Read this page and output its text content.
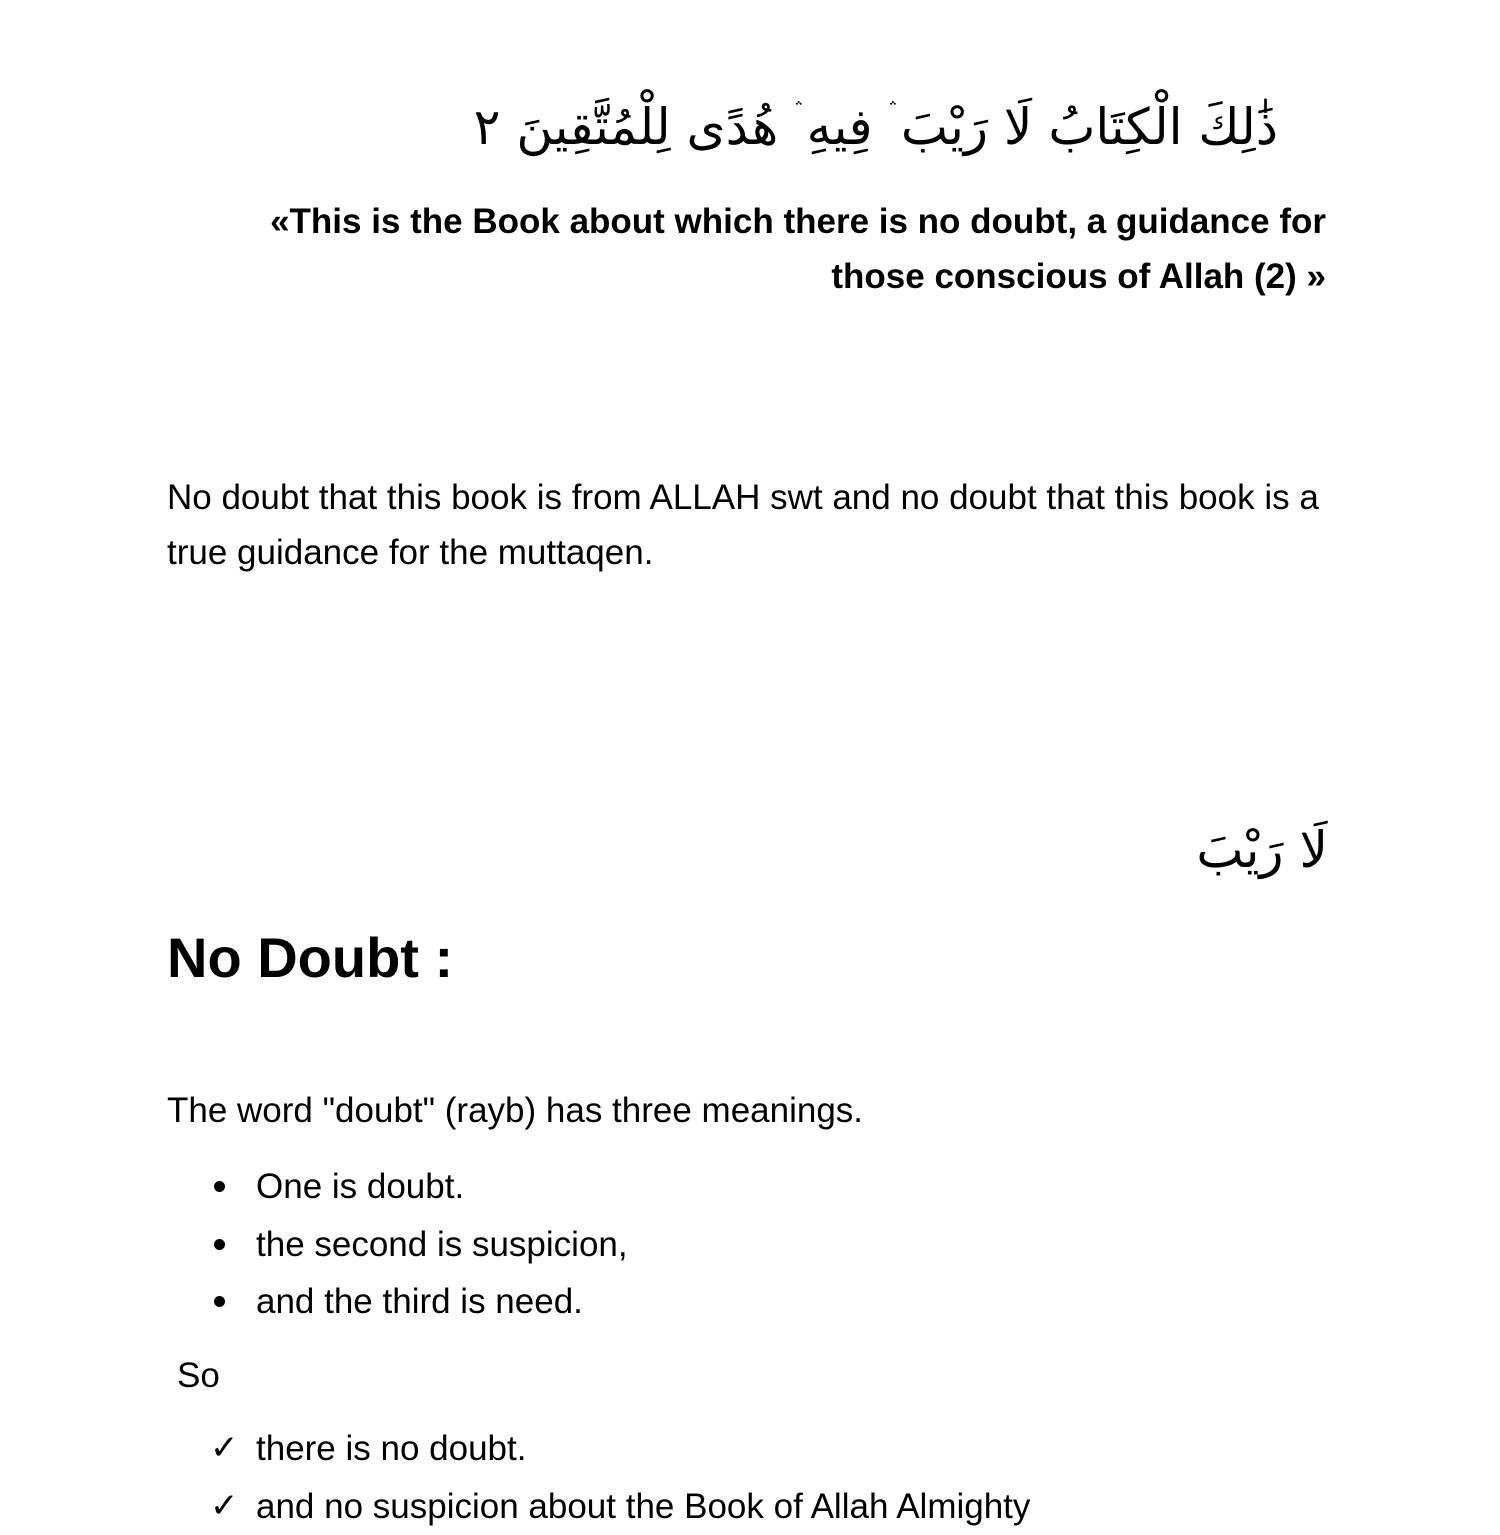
ذَٰلِكَ الْكِتَابُ لَا رَيْبَ ۛ فِيهِ ۛ هُدًى لِلْمُتَّقِينَ ٢
«This is the Book about which there is no doubt, a guidance for those conscious of Allah (2) »
No doubt that this book is from ALLAH swt and no doubt that this book is a true guidance for the muttaqen.
لَا رَيْبَ
No Doubt :
The word "doubt" (rayb) has three meanings.
One is doubt.
the second is suspicion,
and the third is need.
So
✓ there is no doubt.
✓ and no suspicion about the Book of Allah Almighty
